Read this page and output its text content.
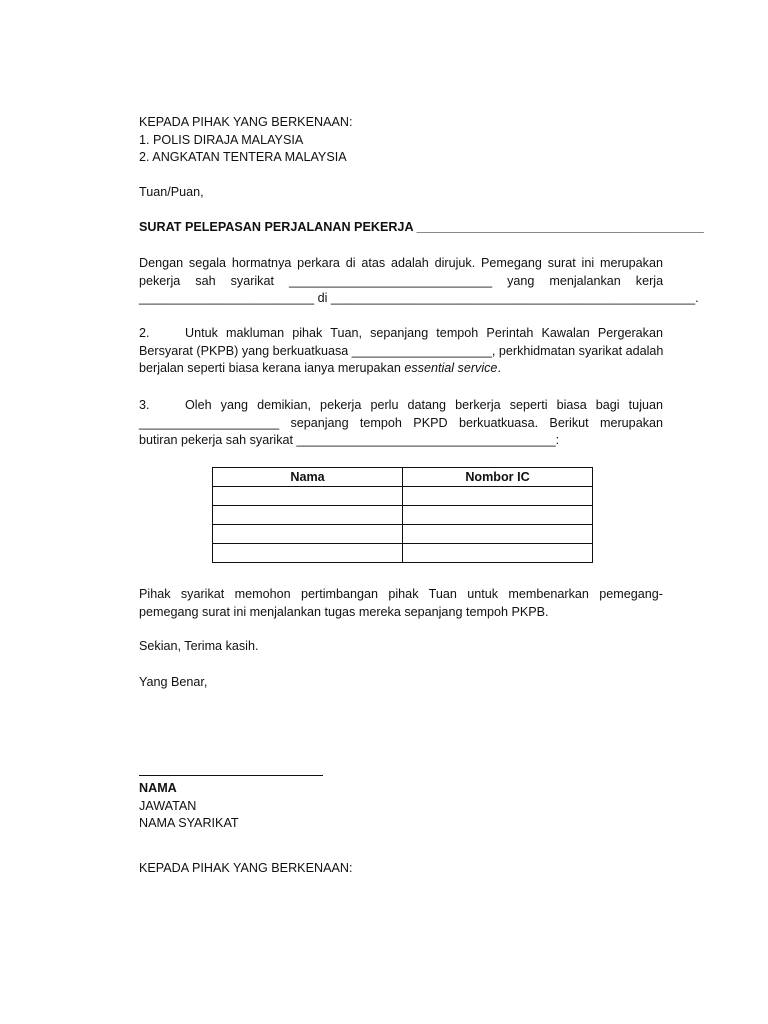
KEPADA PIHAK YANG BERKENAAN:
1. POLIS DIRAJA MALAYSIA
2. ANGKATAN TENTERA MALAYSIA
Tuan/Puan,
SURAT PELEPASAN PERJALANAN PEKERJA _________________________________________
Dengan segala hormatnya perkara di atas adalah dirujuk. Pemegang surat ini merupakan
pekerja sah syarikat _____________________________ yang menjalankan kerja
_________________________ di ____________________________________________________.
2.	Untuk makluman pihak Tuan, sepanjang tempoh Perintah Kawalan Pergerakan
Bersyarat (PKPB) yang berkuatkuasa ____________________, perkhidmatan syarikat adalah
berjalan seperti biasa kerana ianya merupakan essential service.
3.	Oleh yang demikian, pekerja perlu datang berkerja seperti biasa bagi tujuan
____________________ sepanjang tempoh PKPD berkuatkuasa. Berikut merupakan
butiran pekerja sah syarikat _____________________________________:
Nama	Nombor IC

Pihak syarikat memohon pertimbangan pihak Tuan untuk membenarkan pemegang-
pemegang surat ini menjalankan tugas mereka sepanjang tempoh PKPB.
Sekian, Terima kasih.
Yang Benar,
NAMA
JAWATAN
NAMA SYARIKAT
KEPADA PIHAK YANG BERKENAAN:
